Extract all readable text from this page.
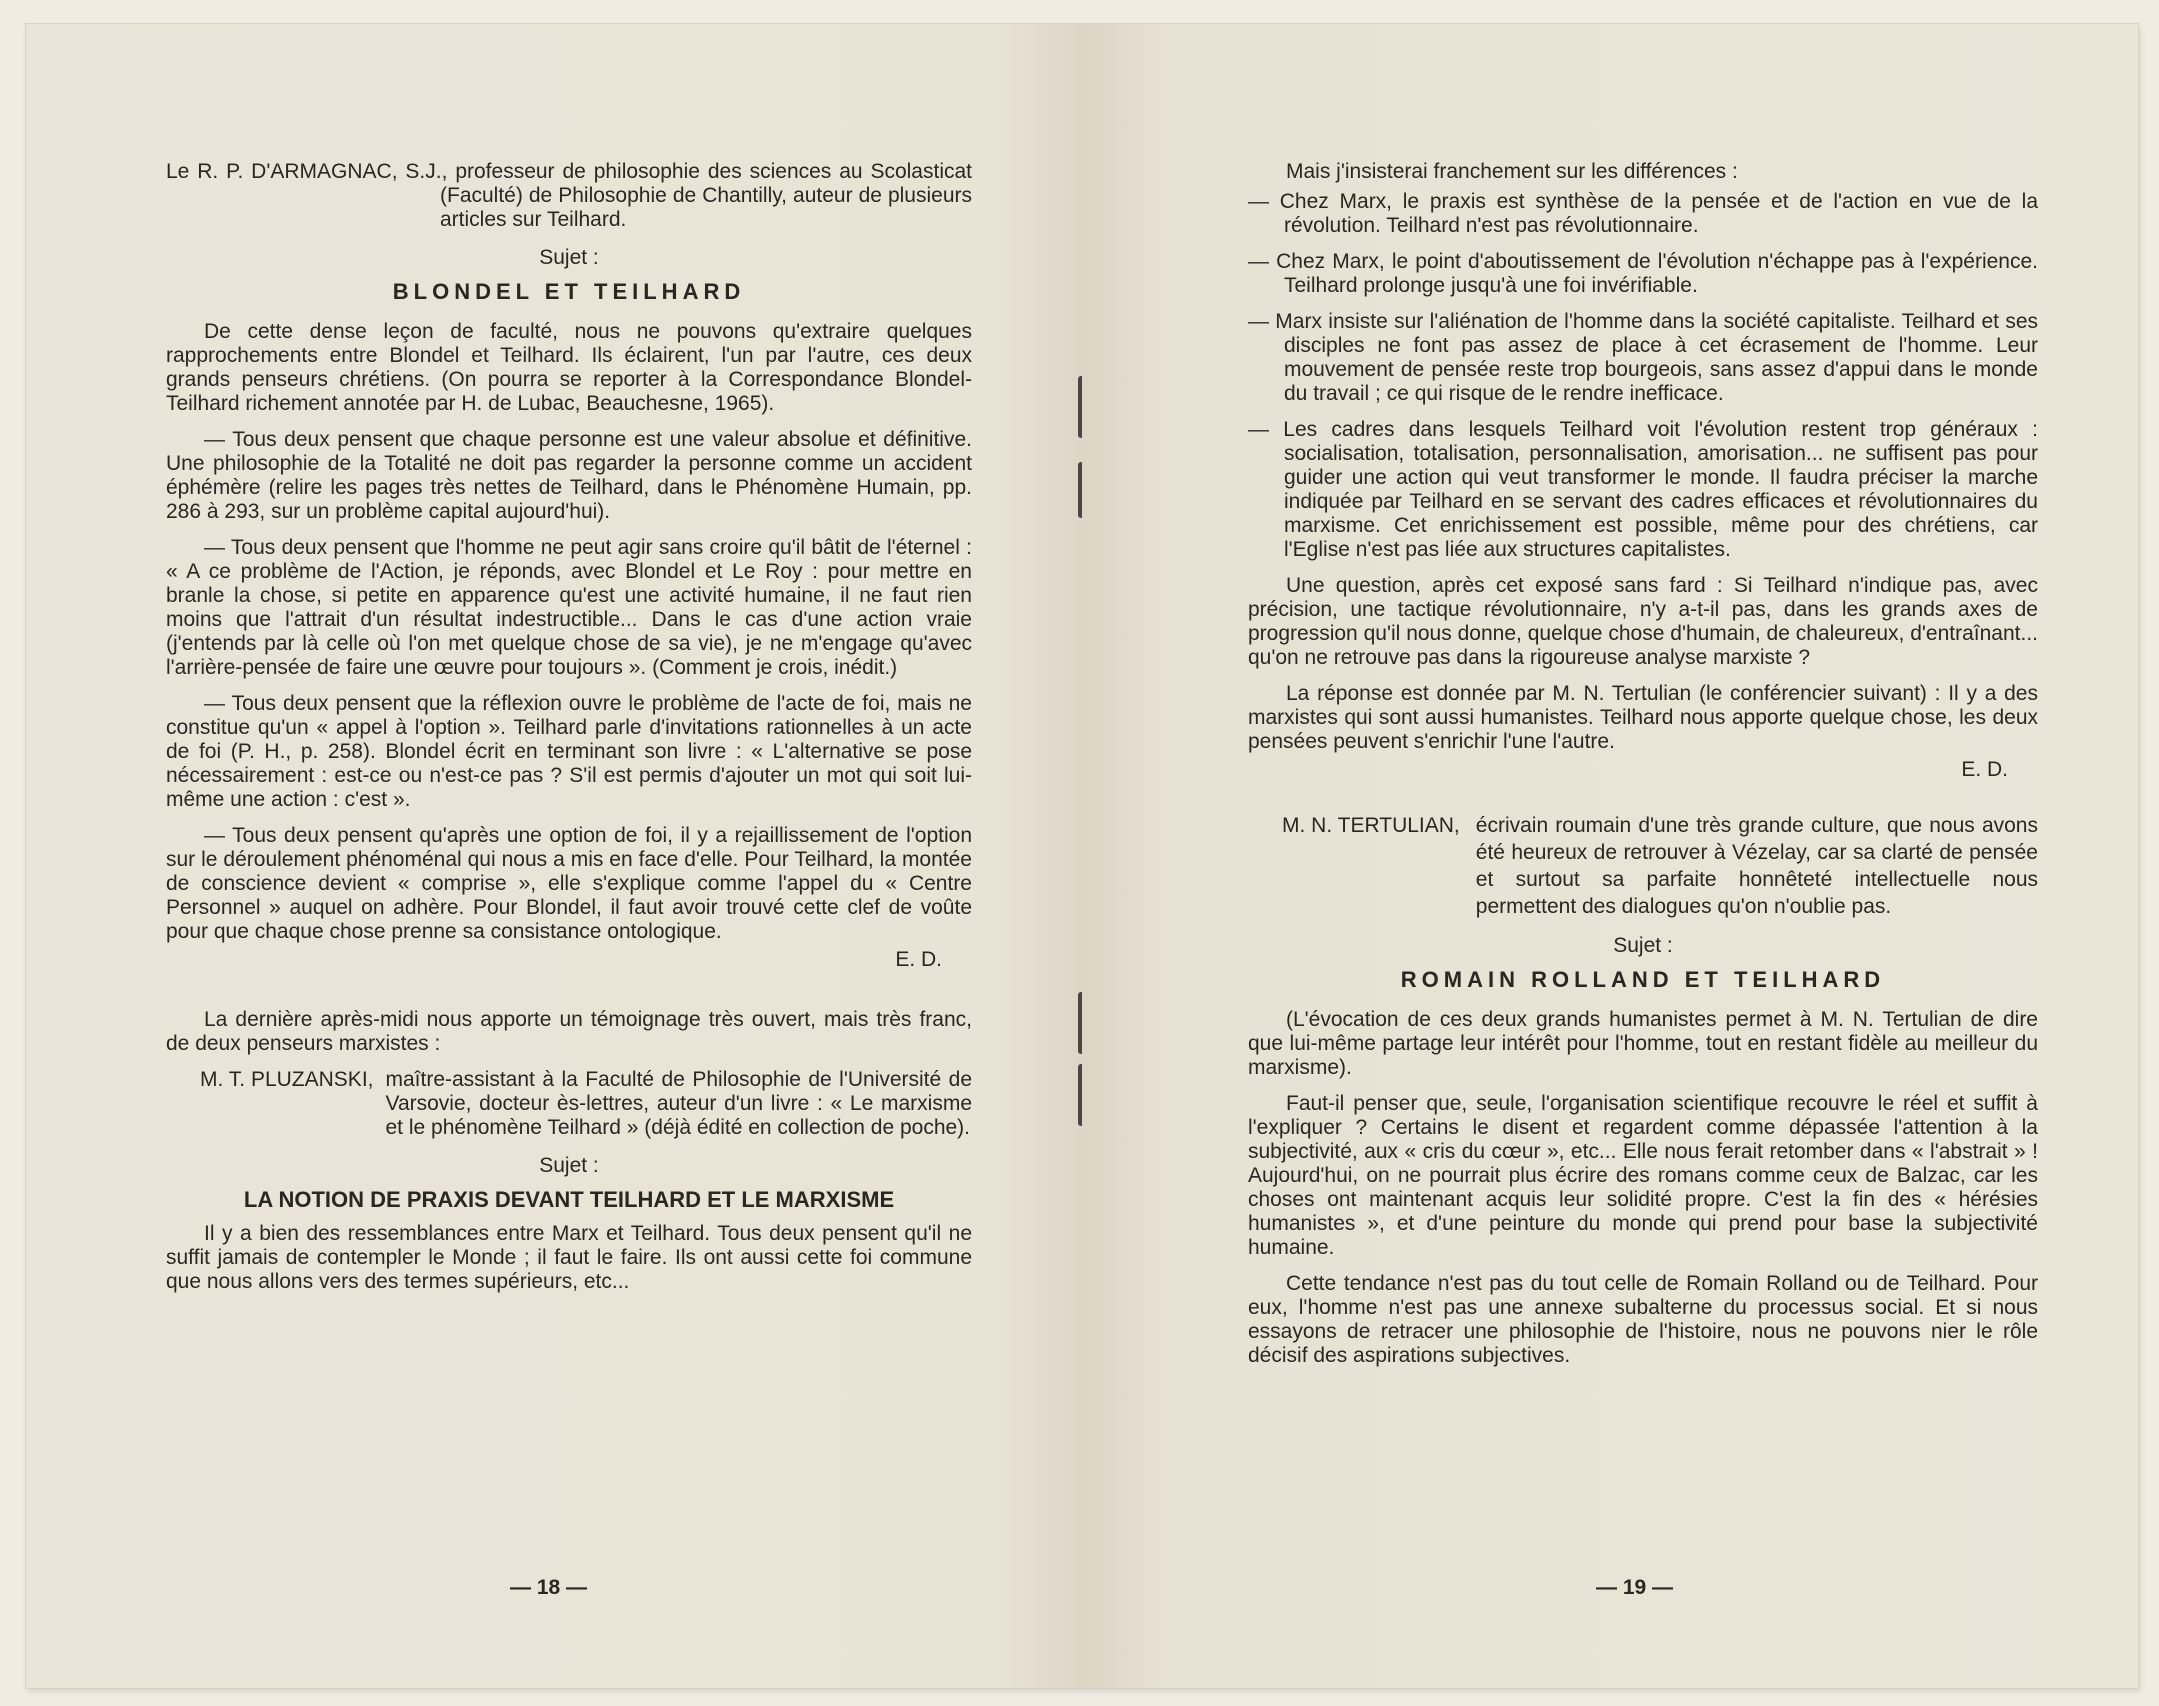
Le R. P. D'ARMAGNAC, S.J., professeur de philosophie des sciences au Scolasticat (Faculté) de Philosophie de Chantilly, auteur de plusieurs articles sur Teilhard.
Sujet :
BLONDEL ET TEILHARD

De cette dense leçon de faculté, nous ne pouvons qu'extraire quelques rapprochements entre Blondel et Teilhard. Ils éclairent, l'un par l'autre, ces deux grands penseurs chrétiens. (On pourra se reporter à la Correspondance Blondel-Teilhard richement annotée par H. de Lubac, Beauchesne, 1965).

— Tous deux pensent que chaque personne est une valeur absolue et définitive. Une philosophie de la Totalité ne doit pas regarder la personne comme un accident éphémère (relire les pages très nettes de Teilhard, dans le Phénomène Humain, pp. 286 à 293, sur un problème capital aujourd'hui).

— Tous deux pensent que l'homme ne peut agir sans croire qu'il bâtit de l'éternel : « A ce problème de l'Action, je réponds, avec Blondel et Le Roy : pour mettre en branle la chose, si petite en apparence qu'est une activité humaine, il ne faut rien moins que l'attrait d'un résultat indestructible... Dans le cas d'une action vraie (j'entends par là celle où l'on met quelque chose de sa vie), je ne m'engage qu'avec l'arrière-pensée de faire une œuvre pour toujours ». (Comment je crois, inédit.)

— Tous deux pensent que la réflexion ouvre le problème de l'acte de foi, mais ne constitue qu'un « appel à l'option ». Teilhard parle d'invitations rationnelles à un acte de foi (P. H., p. 258). Blondel écrit en terminant son livre : « L'alternative se pose nécessairement : est-ce ou n'est-ce pas ? S'il est permis d'ajouter un mot qui soit lui-même une action : c'est ».

— Tous deux pensent qu'après une option de foi, il y a rejaillissement de l'option sur le déroulement phénoménal qui nous a mis en face d'elle. Pour Teilhard, la montée de conscience devient « comprise », elle s'explique comme l'appel du « Centre Personnel » auquel on adhère. Pour Blondel, il faut avoir trouvé cette clef de voûte pour que chaque chose prenne sa consistance ontologique.

E. D.

La dernière après-midi nous apporte un témoignage très ouvert, mais très franc, de deux penseurs marxistes :

M. T. PLUZANSKI, maître-assistant à la Faculté de Philosophie de l'Université de Varsovie, docteur ès-lettres, auteur d'un livre : « Le marxisme et le phénomène Teilhard » (déjà édité en collection de poche).
Sujet :
LA NOTION DE PRAXIS DEVANT TEILHARD ET LE MARXISME

Il y a bien des ressemblances entre Marx et Teilhard. Tous deux pensent qu'il ne suffit jamais de contempler le Monde ; il faut le faire. Ils ont aussi cette foi commune que nous allons vers des termes supérieurs, etc...

— 18 —

Mais j'insisterai franchement sur les différences :

— Chez Marx, le praxis est synthèse de la pensée et de l'action en vue de la révolution. Teilhard n'est pas révolutionnaire.
— Chez Marx, le point d'aboutissement de l'évolution n'échappe pas à l'expérience. Teilhard prolonge jusqu'à une foi invérifiable.
— Marx insiste sur l'aliénation de l'homme dans la société capitaliste. Teilhard et ses disciples ne font pas assez de place à cet écrasement de l'homme. Leur mouvement de pensée reste trop bourgeois, sans assez d'appui dans le monde du travail ; ce qui risque de le rendre inefficace.
— Les cadres dans lesquels Teilhard voit l'évolution restent trop généraux : socialisation, totalisation, personnalisation, amorisation... ne suffisent pas pour guider une action qui veut transformer le monde. Il faudra préciser la marche indiquée par Teilhard en se servant des cadres efficaces et révolutionnaires du marxisme. Cet enrichissement est possible, même pour des chrétiens, car l'Eglise n'est pas liée aux structures capitalistes.

Une question, après cet exposé sans fard : Si Teilhard n'indique pas, avec précision, une tactique révolutionnaire, n'y a-t-il pas, dans les grands axes de progression qu'il nous donne, quelque chose d'humain, de chaleureux, d'entraînant... qu'on ne retrouve pas dans la rigoureuse analyse marxiste ?

La réponse est donnée par M. N. Tertulian (le conférencier suivant) : Il y a des marxistes qui sont aussi humanistes. Teilhard nous apporte quelque chose, les deux pensées peuvent s'enrichir l'une l'autre.

E. D.
M. N. TERTULIAN, écrivain roumain d'une très grande culture, que nous avons été heureux de retrouver à Vézelay, car sa clarté de pensée et surtout sa parfaite honnêteté intellectuelle nous permettent des dialogues qu'on n'oublie pas.
Sujet :
ROMAIN ROLLAND ET TEILHARD

(L'évocation de ces deux grands humanistes permet à M. N. Tertulian de dire que lui-même partage leur intérêt pour l'homme, tout en restant fidèle au meilleur du marxisme).

Faut-il penser que, seule, l'organisation scientifique recouvre le réel et suffit à l'expliquer ? Certains le disent et regardent comme dépassée l'attention à la subjectivité, aux « cris du cœur », etc... Elle nous ferait retomber dans « l'abstrait » ! Aujourd'hui, on ne pourrait plus écrire des romans comme ceux de Balzac, car les choses ont maintenant acquis leur solidité propre. C'est la fin des « hérésies humanistes », et d'une peinture du monde qui prend pour base la subjectivité humaine.

Cette tendance n'est pas du tout celle de Romain Rolland ou de Teilhard. Pour eux, l'homme n'est pas une annexe subalterne du processus social. Et si nous essayons de retracer une philosophie de l'histoire, nous ne pouvons nier le rôle décisif des aspirations subjectives.

— 19 —
